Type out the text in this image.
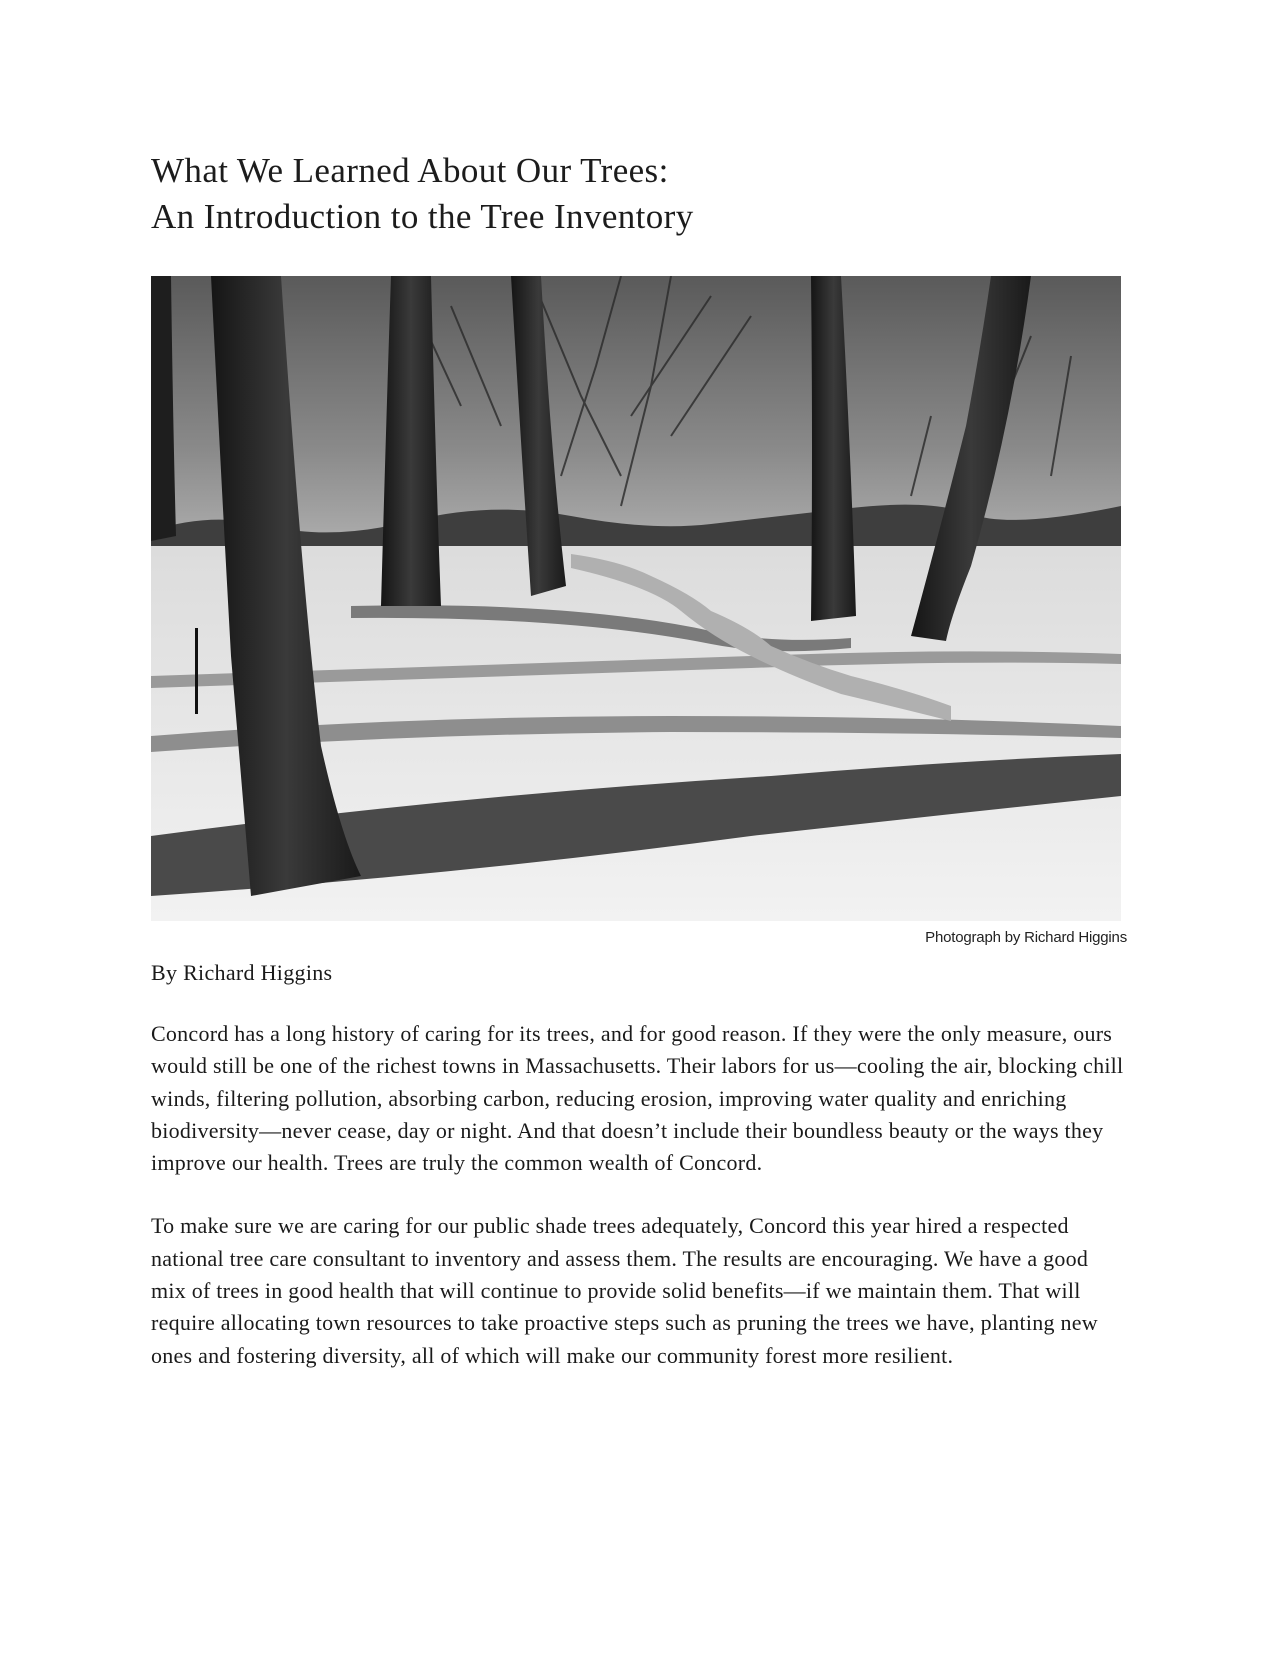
What We Learned About Our Trees:
An Introduction to the Tree Inventory
Photograph by Richard Higgins
By Richard Higgins

Concord has a long history of caring for its trees, and for good reason. If they were the only measure, ours would still be one of the richest towns in Massachusetts. Their labors for us—cooling the air, blocking chill winds, filtering pollution, absorbing carbon, reducing erosion, improving water quality and enriching biodiversity—never cease, day or night. And that doesn’t include their boundless beauty or the ways they improve our health. Trees are truly the common wealth of Concord.

To make sure we are caring for our public shade trees adequately, Concord this year hired a respected national tree care consultant to inventory and assess them. The results are encouraging. We have a good mix of trees in good health that will continue to provide solid benefits—if we maintain them. That will require allocating town resources to take proactive steps such as pruning the trees we have, planting new ones and fostering diversity, all of which will make our community forest more resilient.
